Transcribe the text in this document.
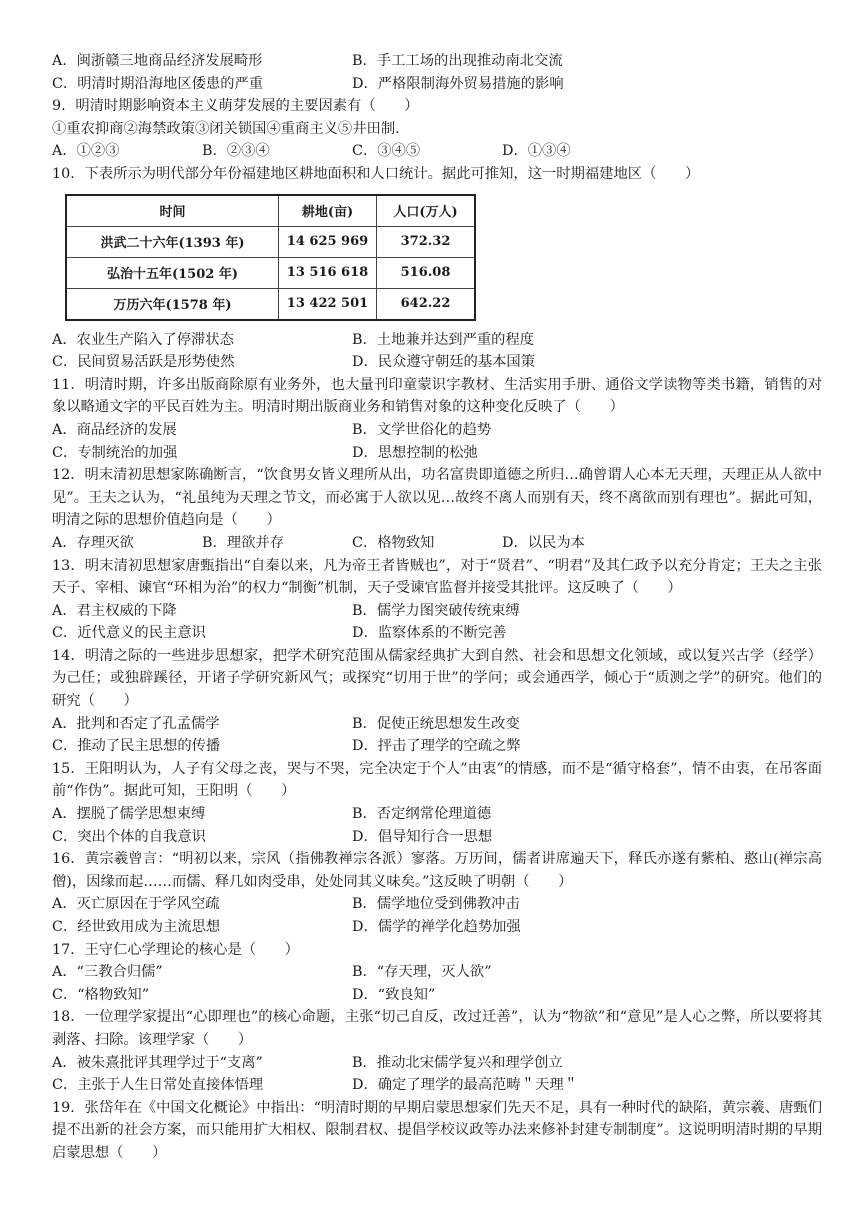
A．闽浙赣三地商品经济发展畸形	B．手工工场的出现推动南北交流
C．明清时期沿海地区倭患的严重	D．严格限制海外贸易措施的影响
9．明清时期影响资本主义萌芽发展的主要因素有（　　）
①重农抑商②海禁政策③闭关锁国④重商主义⑤井田制.
A．①②③	B．②③④	C．③④⑤	D．①③④
10．下表所示为明代部分年份福建地区耕地面积和人口统计。据此可推知，这一时期福建地区（　　）
时间	耕地(亩)	人口(万人)
洪武二十六年(1393 年)	14 625 969	372.32
弘治十五年(1502 年)	13 516 618	516.08
万历六年(1578 年)	13 422 501	642.22
A．农业生产陷入了停滞状态	B．土地兼并达到严重的程度
C．民间贸易活跃是形势使然	D．民众遵守朝廷的基本国策
11．明清时期，许多出版商除原有业务外，也大量刊印童蒙识字教材、生活实用手册、通俗文学读物等类书籍，销售的对象以略通文字的平民百姓为主。明清时期出版商业务和销售对象的这种变化反映了（　　）
A．商品经济的发展	B．文学世俗化的趋势
C．专制统治的加强	D．思想控制的松弛
12．明末清初思想家陈确断言，“饮食男女皆义理所从出，功名富贵即道德之所归…确曾谓人心本无天理，天理正从人欲中见”。王夫之认为，“礼虽纯为天理之节文，而必寓于人欲以见…故终不离人而别有天，终不离欲而别有理也”。据此可知，明清之际的思想价值趋向是（　　）
A．存理灭欲	B．理欲并存	C．格物致知	D．以民为本
13．明末清初思想家唐甄指出“自秦以来，凡为帝王者皆贼也”，对于“贤君”、“明君”及其仁政予以充分肯定；王夫之主张天子、宰相、谏官“环相为治”的权力“制衡”机制，天子受谏官监督并接受其批评。这反映了（　　）
A．君主权威的下降	B．儒学力图突破传统束缚
C．近代意义的民主意识	D．监察体系的不断完善
14．明清之际的一些进步思想家，把学术研究范围从儒家经典扩大到自然、社会和思想文化领域，或以复兴古学（经学）为己任；或独辟蹊径，开诸子学研究新风气；或探究“切用于世”的学问；或会通西学，倾心于“质测之学”的研究。他们的研究（　　）
A．批判和否定了孔孟儒学	B．促使正统思想发生改变
C．推动了民主思想的传播	D．抨击了理学的空疏之弊
15．王阳明认为，人子有父母之丧，哭与不哭，完全决定于个人”由衷”的情感，而不是“循守格套”，情不由衷，在吊客面前“作伪”。据此可知，王阳明（　　）
A．摆脱了儒学思想束缚	B．否定纲常伦理道德
C．突出个体的自我意识	D．倡导知行合一思想
16．黄宗羲曾言：“明初以来，宗风（指佛教禅宗各派）寥落。万历间，儒者讲席遍天下，释氏亦遂有紫柏、憨山(禅宗高僧)，因缘而起……而儒、释几如肉受串，处处同其义味矣。”这反映了明朝（　　）
A．灭亡原因在于学风空疏	B．儒学地位受到佛教冲击
C．经世致用成为主流思想	D．儒学的禅学化趋势加强
17．王守仁心学理论的核心是（　　）
A．“三教合归儒”	B．“存天理，灭人欲”
C．“格物致知”	D．“致良知”
18．一位理学家提出“心即理也”的核心命题，主张“切己自反，改过迁善”，认为“物欲”和“意见”是人心之弊，所以要将其剥落、扫除。该理学家（　　）
A．被朱熹批评其理学过于“支离”	B．推动北宋儒学复兴和理学创立
C．主张于人生日常处直接体悟理	D．确定了理学的最高范畴＂天理＂
19．张岱年在《中国文化概论》中指出：“明清时期的早期启蒙思想家们先天不足，具有一种时代的缺陷，黄宗羲、唐甄们提不出新的社会方案，而只能用扩大相权、限制君权、提倡学校议政等办法来修补封建专制制度”。这说明明清时期的早期启蒙思想（　　）
